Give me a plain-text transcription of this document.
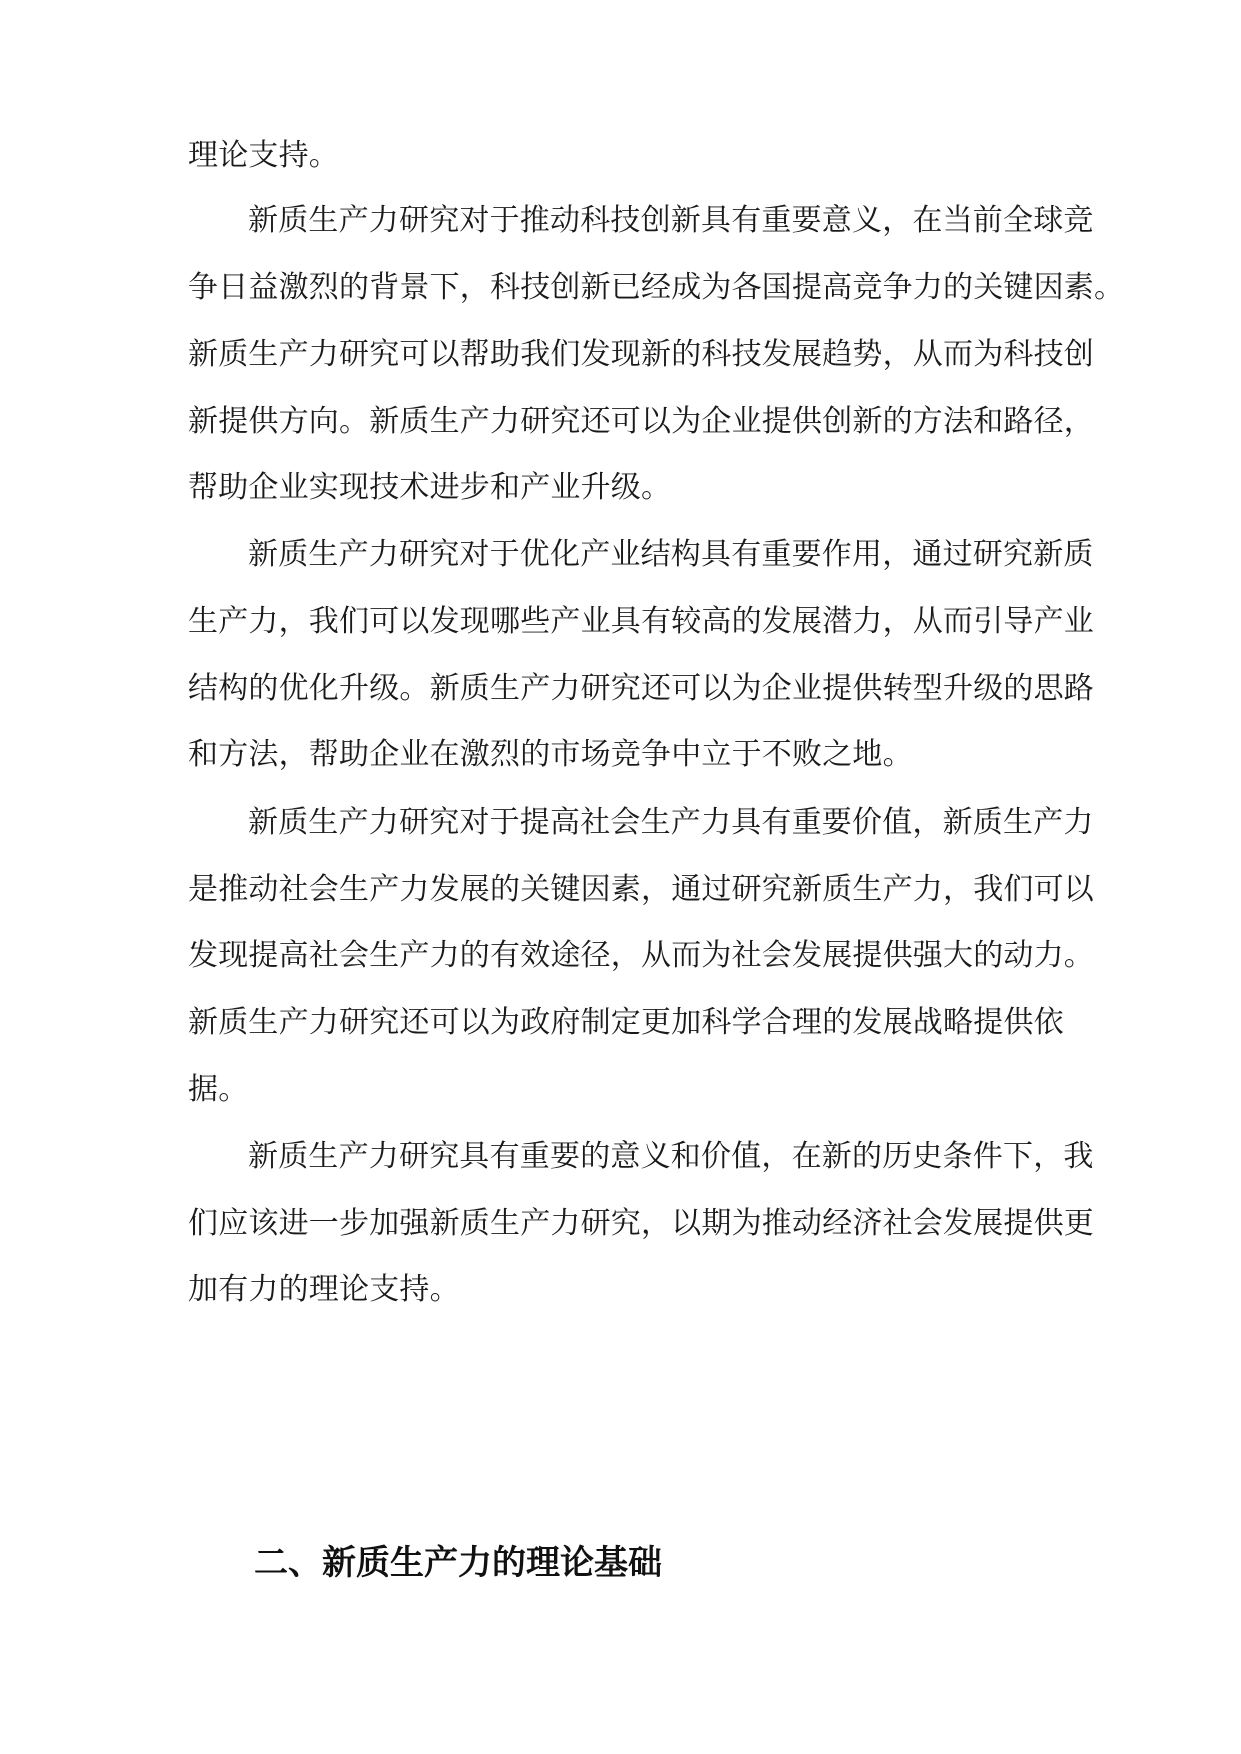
理论支持。
新质生产力研究对于推动科技创新具有重要意义，在当前全球竞
争日益激烈的背景下，科技创新已经成为各国提高竞争力的关键因素。
新质生产力研究可以帮助我们发现新的科技发展趋势，从而为科技创
新提供方向。新质生产力研究还可以为企业提供创新的方法和路径，
帮助企业实现技术进步和产业升级。
新质生产力研究对于优化产业结构具有重要作用，通过研究新质
生产力，我们可以发现哪些产业具有较高的发展潜力，从而引导产业
结构的优化升级。新质生产力研究还可以为企业提供转型升级的思路
和方法，帮助企业在激烈的市场竞争中立于不败之地。
新质生产力研究对于提高社会生产力具有重要价值，新质生产力
是推动社会生产力发展的关键因素，通过研究新质生产力，我们可以
发现提高社会生产力的有效途径，从而为社会发展提供强大的动力。
新质生产力研究还可以为政府制定更加科学合理的发展战略提供依
据。
新质生产力研究具有重要的意义和价值，在新的历史条件下，我
们应该进一步加强新质生产力研究，以期为推动经济社会发展提供更
加有力的理论支持。
二、新质生产力的理论基础
